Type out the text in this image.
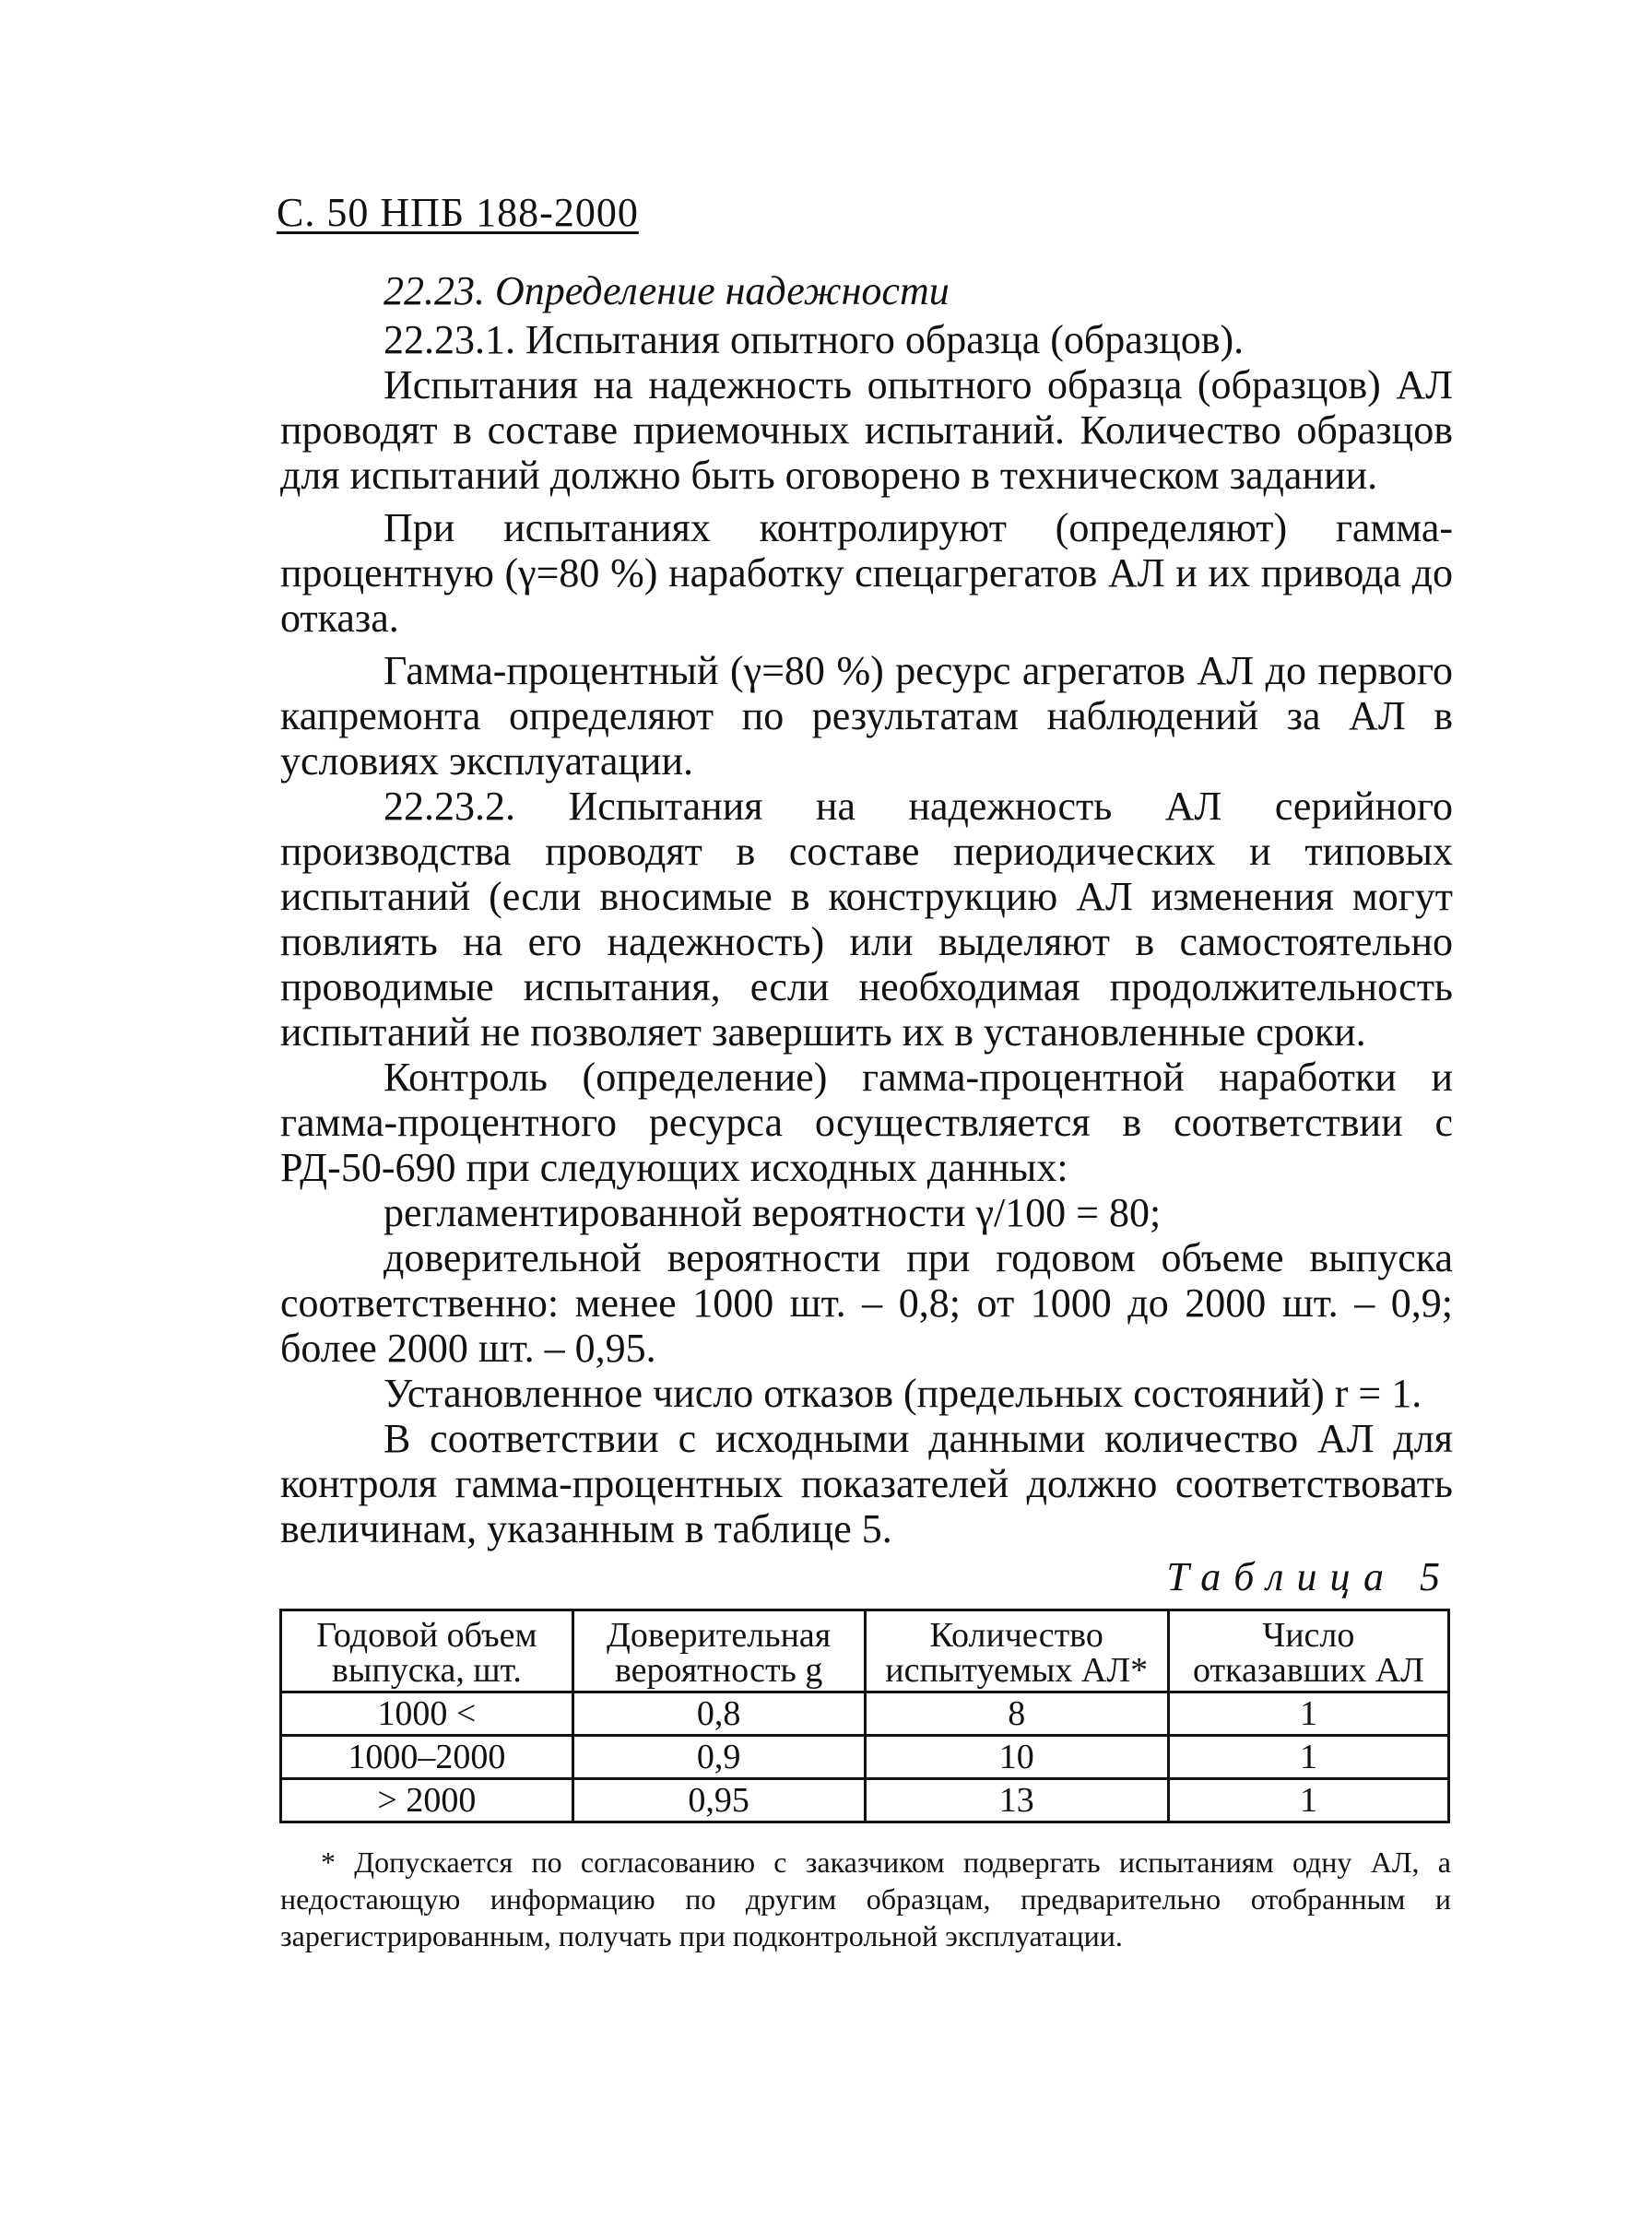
С. 50 НПБ 188-2000
22.23. Определение надежности

22.23.1. Испытания опытного образца (образцов).

Испытания на надежность опытного образца (образцов) АЛ проводят в составе приемочных испытаний. Количество образцов для испытаний должно быть оговорено в техническом задании.

При испытаниях контролируют (определяют) гамма-процентную (γ=80 %) наработку спецагрегатов АЛ и их привода до отказа.

Гамма-процентный (γ=80 %) ресурс агрегатов АЛ до первого капремонта определяют по результатам наблюдений за АЛ в условиях эксплуатации.

22.23.2. Испытания на надежность АЛ серийного производства проводят в составе периодических и типовых испытаний (если вносимые в конструкцию АЛ изменения могут повлиять на его надежность) или выделяют в самостоятельно проводимые испытания, если необходимая продолжительность испытаний не позволяет завершить их в установленные сроки.

Контроль (определение) гамма-процентной наработки и гамма-процентного ресурса осуществляется в соответствии с РД-50-690 при следующих исходных данных:

регламентированной вероятности γ/100 = 80;

доверительной вероятности при годовом объеме выпуска соответственно: менее 1000 шт. – 0,8; от 1000 до 2000 шт. – 0,9; более 2000 шт. – 0,95.

Установленное число отказов (предельных состояний) r = 1.

В соответствии с исходными данными количество АЛ для контроля гамма-процентных показателей должно соответствовать величинам, указанным в таблице 5.

Таблица 5
Годовой объем выпуска, шт.	Доверительная вероятность g	Количество испытуемых АЛ*	Число отказавших АЛ
1000 <	0,8	8	1
1000–2000	0,9	10	1
> 2000	0,95	13	1
* Допускается по согласованию с заказчиком подвергать испытаниям одну АЛ, а недостающую информацию по другим образцам, предварительно отобранным и зарегистрированным, получать при подконтрольной эксплуатации.
